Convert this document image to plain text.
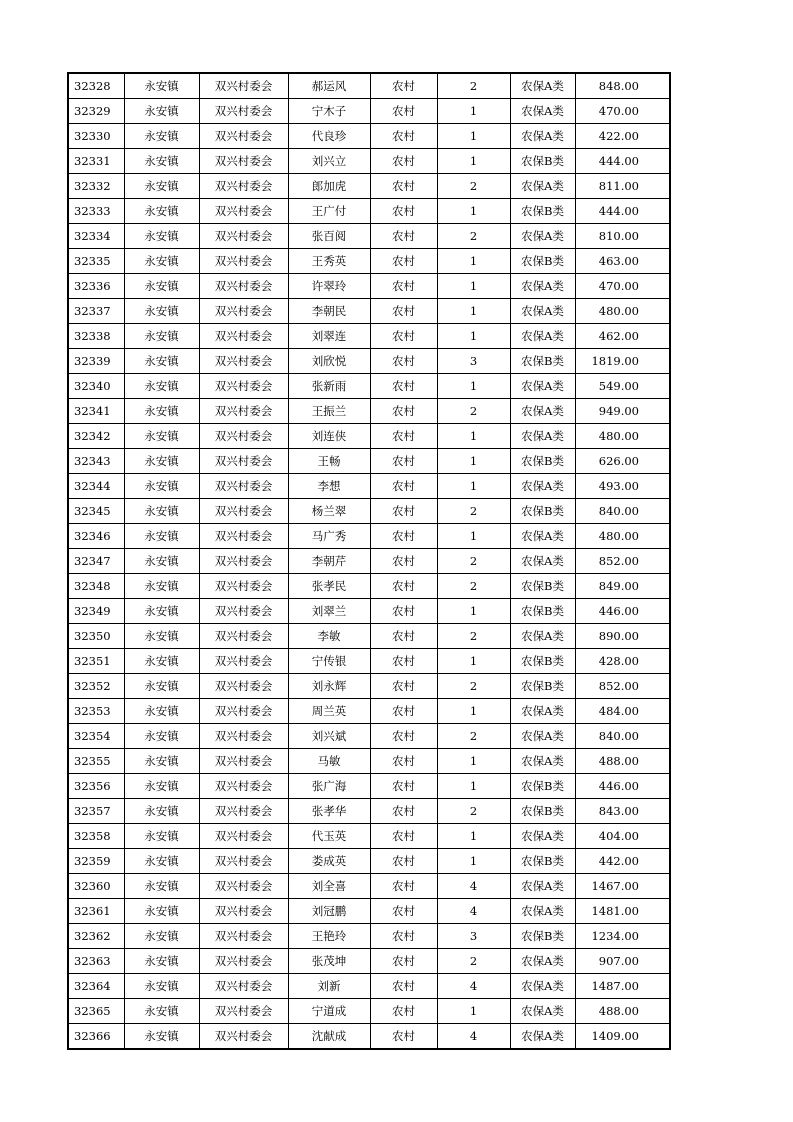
32328	永安镇	双兴村委会	郝运风	农村	2	农保A类	848.00
32329	永安镇	双兴村委会	宁木子	农村	1	农保A类	470.00
32330	永安镇	双兴村委会	代良珍	农村	1	农保A类	422.00
32331	永安镇	双兴村委会	刘兴立	农村	1	农保B类	444.00
32332	永安镇	双兴村委会	郎加虎	农村	2	农保A类	811.00
32333	永安镇	双兴村委会	王广付	农村	1	农保B类	444.00
32334	永安镇	双兴村委会	张百阅	农村	2	农保A类	810.00
32335	永安镇	双兴村委会	王秀英	农村	1	农保B类	463.00
32336	永安镇	双兴村委会	许翠玲	农村	1	农保A类	470.00
32337	永安镇	双兴村委会	李朝民	农村	1	农保A类	480.00
32338	永安镇	双兴村委会	刘翠连	农村	1	农保A类	462.00
32339	永安镇	双兴村委会	刘欣悦	农村	3	农保B类	1819.00
32340	永安镇	双兴村委会	张新雨	农村	1	农保A类	549.00
32341	永安镇	双兴村委会	王振兰	农村	2	农保A类	949.00
32342	永安镇	双兴村委会	刘连侠	农村	1	农保A类	480.00
32343	永安镇	双兴村委会	王畅	农村	1	农保B类	626.00
32344	永安镇	双兴村委会	李想	农村	1	农保A类	493.00
32345	永安镇	双兴村委会	杨兰翠	农村	2	农保B类	840.00
32346	永安镇	双兴村委会	马广秀	农村	1	农保A类	480.00
32347	永安镇	双兴村委会	李朝芹	农村	2	农保A类	852.00
32348	永安镇	双兴村委会	张孝民	农村	2	农保B类	849.00
32349	永安镇	双兴村委会	刘翠兰	农村	1	农保B类	446.00
32350	永安镇	双兴村委会	李敏	农村	2	农保A类	890.00
32351	永安镇	双兴村委会	宁传银	农村	1	农保B类	428.00
32352	永安镇	双兴村委会	刘永辉	农村	2	农保B类	852.00
32353	永安镇	双兴村委会	周兰英	农村	1	农保A类	484.00
32354	永安镇	双兴村委会	刘兴斌	农村	2	农保A类	840.00
32355	永安镇	双兴村委会	马敏	农村	1	农保A类	488.00
32356	永安镇	双兴村委会	张广海	农村	1	农保B类	446.00
32357	永安镇	双兴村委会	张孝华	农村	2	农保B类	843.00
32358	永安镇	双兴村委会	代玉英	农村	1	农保A类	404.00
32359	永安镇	双兴村委会	娄成英	农村	1	农保B类	442.00
32360	永安镇	双兴村委会	刘全喜	农村	4	农保A类	1467.00
32361	永安镇	双兴村委会	刘冠鹏	农村	4	农保A类	1481.00
32362	永安镇	双兴村委会	王艳玲	农村	3	农保B类	1234.00
32363	永安镇	双兴村委会	张茂坤	农村	2	农保A类	907.00
32364	永安镇	双兴村委会	刘新	农村	4	农保A类	1487.00
32365	永安镇	双兴村委会	宁道成	农村	1	农保A类	488.00
32366	永安镇	双兴村委会	沈献成	农村	4	农保A类	1409.00
